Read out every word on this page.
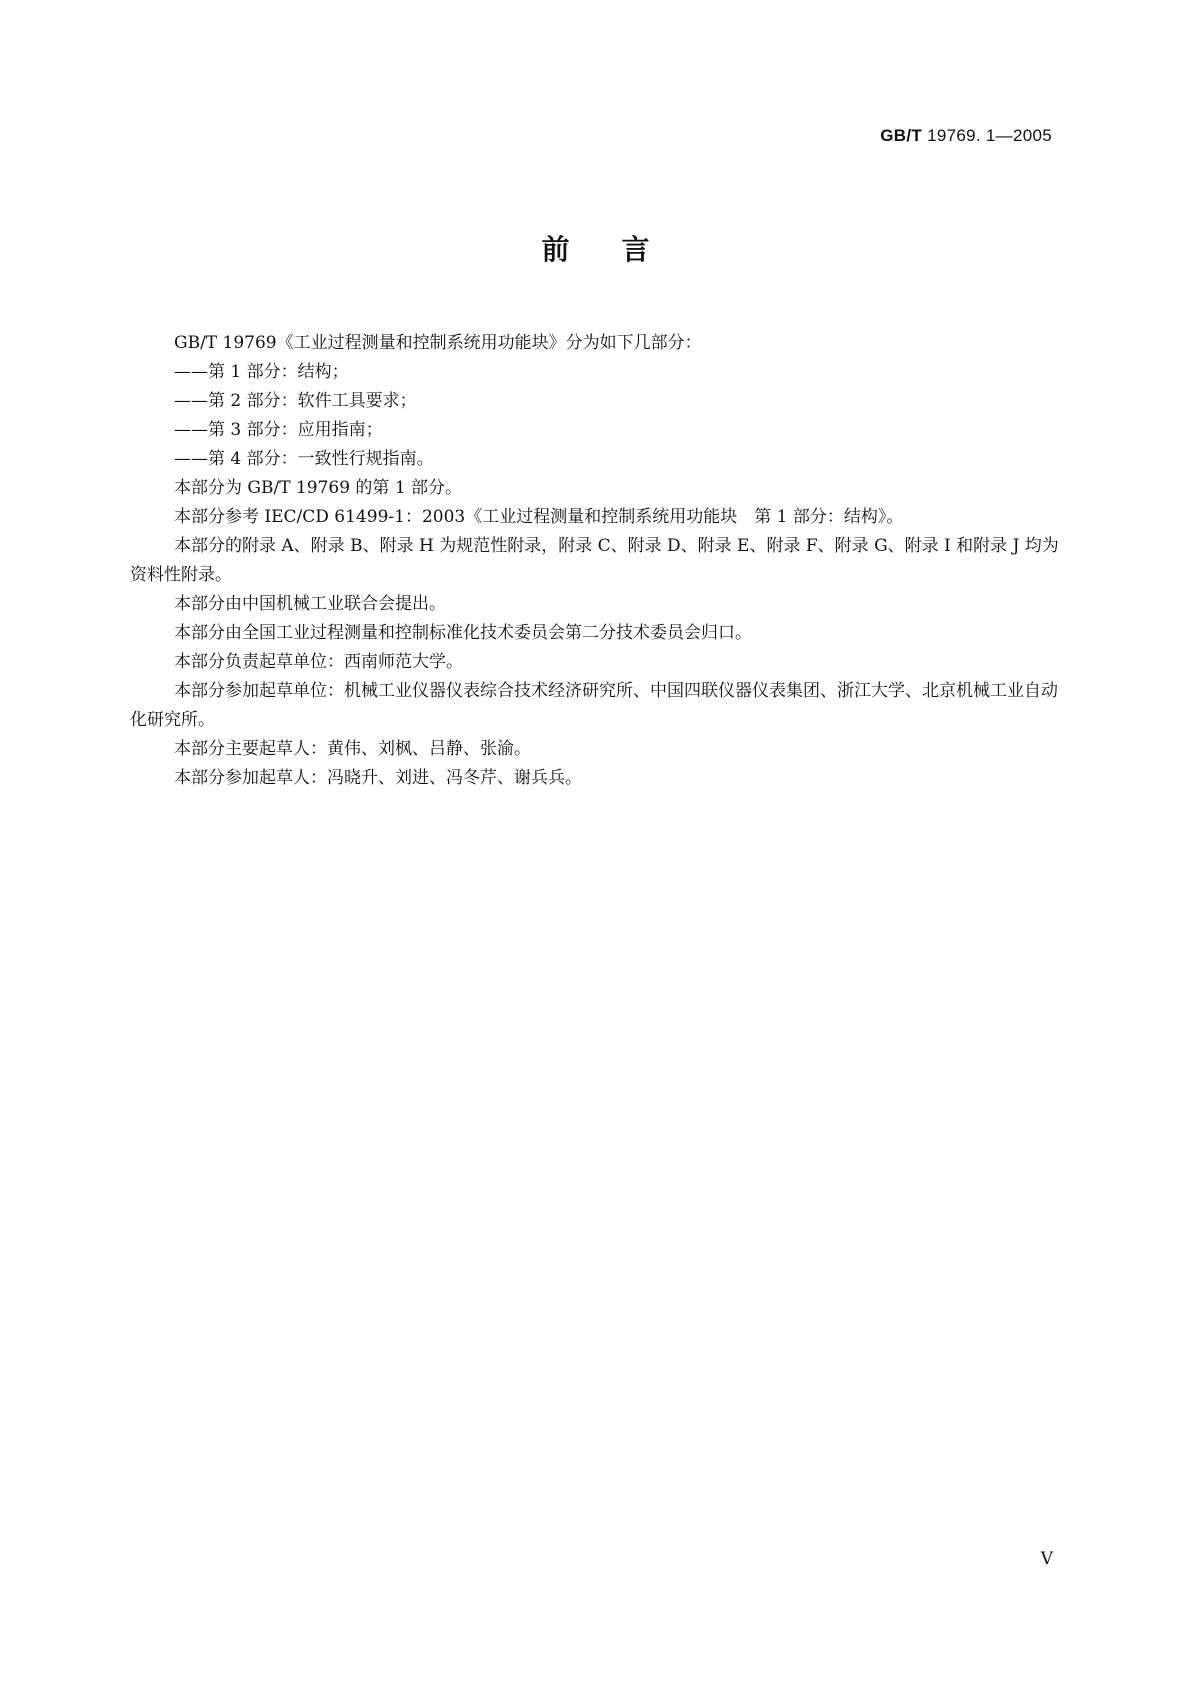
GB/T 19769. 1—2005
前言

GB/T 19769《工业过程测量和控制系统用功能块》分为如下几部分：

——第 1 部分：结构；

——第 2 部分：软件工具要求；

——第 3 部分：应用指南；

——第 4 部分：一致性行规指南。

本部分为 GB/T 19769 的第 1 部分。

本部分参考 IEC/CD 61499-1：2003《工业过程测量和控制系统用功能块　第 1 部分：结构》。

本部分的附录 A、附录 B、附录 H 为规范性附录，附录 C、附录 D、附录 E、附录 F、附录 G、附录 I 和附录 J 均为资料性附录。

本部分由中国机械工业联合会提出。

本部分由全国工业过程测量和控制标准化技术委员会第二分技术委员会归口。

本部分负责起草单位：西南师范大学。

本部分参加起草单位：机械工业仪器仪表综合技术经济研究所、中国四联仪器仪表集团、浙江大学、北京机械工业自动化研究所。

本部分主要起草人：黄伟、刘枫、吕静、张渝。

本部分参加起草人：冯晓升、刘进、冯冬芹、谢兵兵。

V
